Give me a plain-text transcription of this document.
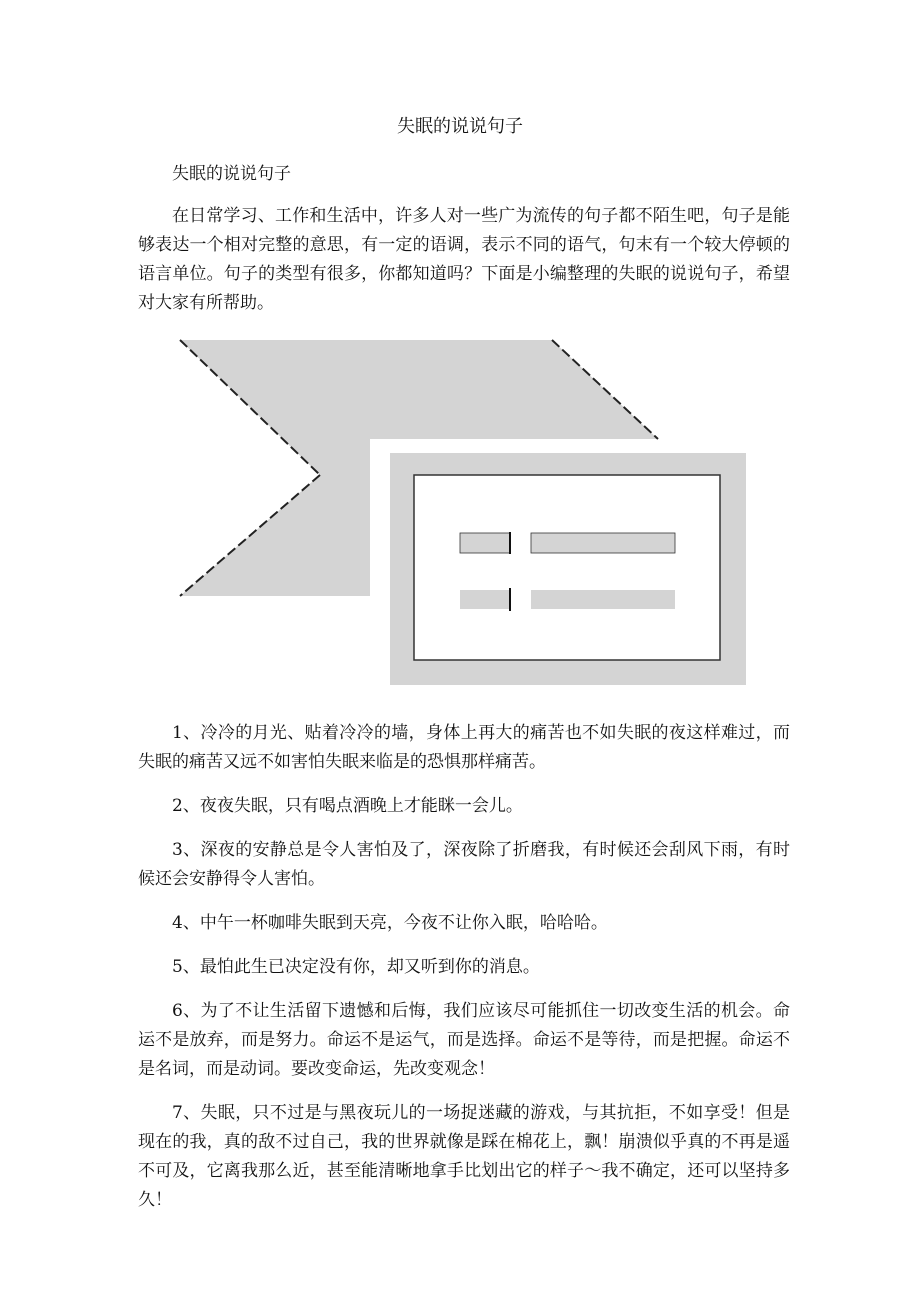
失眠的说说句子

失眠的说说句子

在日常学习、工作和生活中，许多人对一些广为流传的句子都不陌生吧，句子是能够表达一个相对完整的意思，有一定的语调，表示不同的语气，句末有一个较大停顿的语言单位。句子的类型有很多，你都知道吗？下面是小编整理的失眠的说说句子，希望对大家有所帮助。

1、冷冷的月光、贴着冷冷的墙，身体上再大的痛苦也不如失眠的夜这样难过，而失眠的痛苦又远不如害怕失眠来临是的恐惧那样痛苦。

2、夜夜失眠，只有喝点酒晚上才能眯一会儿。

3、深夜的安静总是令人害怕及了，深夜除了折磨我，有时候还会刮风下雨，有时候还会安静得令人害怕。

4、中午一杯咖啡失眠到天亮，今夜不让你入眠，哈哈哈。

5、最怕此生已决定没有你，却又听到你的消息。

6、为了不让生活留下遗憾和后悔，我们应该尽可能抓住一切改变生活的机会。命运不是放弃，而是努力。命运不是运气，而是选择。命运不是等待，而是把握。命运不是名词，而是动词。要改变命运，先改变观念！

7、失眠，只不过是与黑夜玩儿的一场捉迷藏的游戏，与其抗拒，不如享受！但是现在的我，真的敌不过自己，我的世界就像是踩在棉花上，飘！崩溃似乎真的不再是遥不可及，它离我那么近，甚至能清晰地拿手比划出它的样子～我不确定，还可以坚持多久！
